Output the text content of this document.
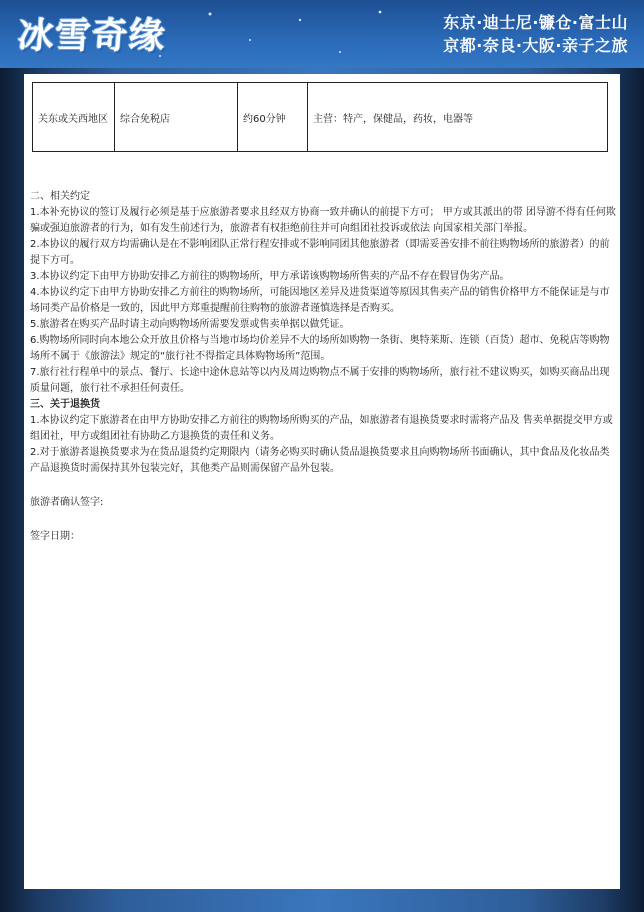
冰雪奇缘	东京·迪士尼·镰仓·富士山
京都·奈良·大阪·亲子之旅
关东或关西地区	综合免税店	约60分钟	主营：特产，保健品，药妆，电器等

二、相关约定

1.本补充协议的签订及履行必须是基于应旅游者要求且经双方协商一致并确认的前提下方可； 甲方或其派出的带 团导游不得有任何欺骗或强迫旅游者的行为，如有发生前述行为，旅游者有权拒绝前往并可向组团社投诉或依法 向国家相关部门举报。

2.本协议的履行双方均需确认是在不影响团队正常行程安排或不影响同团其他旅游者（即需妥善安排不前往购物场所的旅游者）的前提下方可。

3.本协议约定下由甲方协助安排乙方前往的购物场所，甲方承诺该购物场所售卖的产品不存在假冒伪劣产品。

4.本协议约定下由甲方协助安排乙方前往的购物场所，可能因地区差异及进货渠道等原因其售卖产品的销售价格甲方不能保证是与市场同类产品价格是一致的，因此甲方郑重提醒前往购物的旅游者谨慎选择是否购买。

5.旅游者在购买产品时请主动向购物场所需要发票或售卖单据以做凭证。

6.购物场所同时向本地公众开放且价格与当地市场均价差异不大的场所如购物一条街、奥特莱斯、连锁（百货）超市、免税店等购物场所不属于《旅游法》规定的“旅行社不得指定具体购物场所”范围。

7.旅行社行程单中的景点、餐厅、长途中途休息站等以内及周边购物点不属于安排的购物场所，旅行社不建议购买，如购买商品出现质量问题，旅行社不承担任何责任。

三、关于退换货

1.本协议约定下旅游者在由甲方协助安排乙方前往的购物场所购买的产品，如旅游者有退换货要求时需将产品及 售卖单据提交甲方或组团社，甲方或组团社有协助乙方退换货的责任和义务。

2.对于旅游者退换货要求为在货品退货约定期限内（请务必购买时确认货品退换货要求且向购物场所书面确认，其中食品及化妆品类产品退换货时需保持其外包装完好，其他类产品则需保留产品外包装。

旅游者确认签字:

签字日期：
